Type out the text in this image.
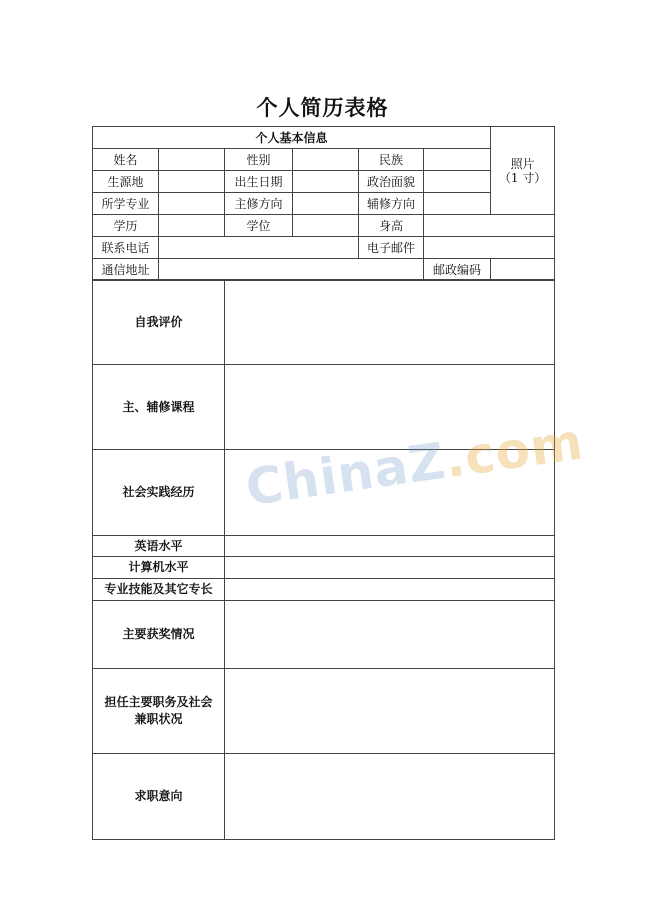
个人简历表格
个人基本信息						照片
（1 寸）

姓名		性别		民族		
生源地		出生日期		政治面貌		
所学专业		主修方向		辅修方向		
学历		学位		身高		
联系电话				电子邮件		
通信地址					邮政编码	
自我评价	
主、辅修课程	
社会实践经历	
英语水平	
计算机水平	
专业技能及其它专长	
主要获奖情况	
担任主要职务及社会兼职状况	
求职意向	
ChinaZ.com
